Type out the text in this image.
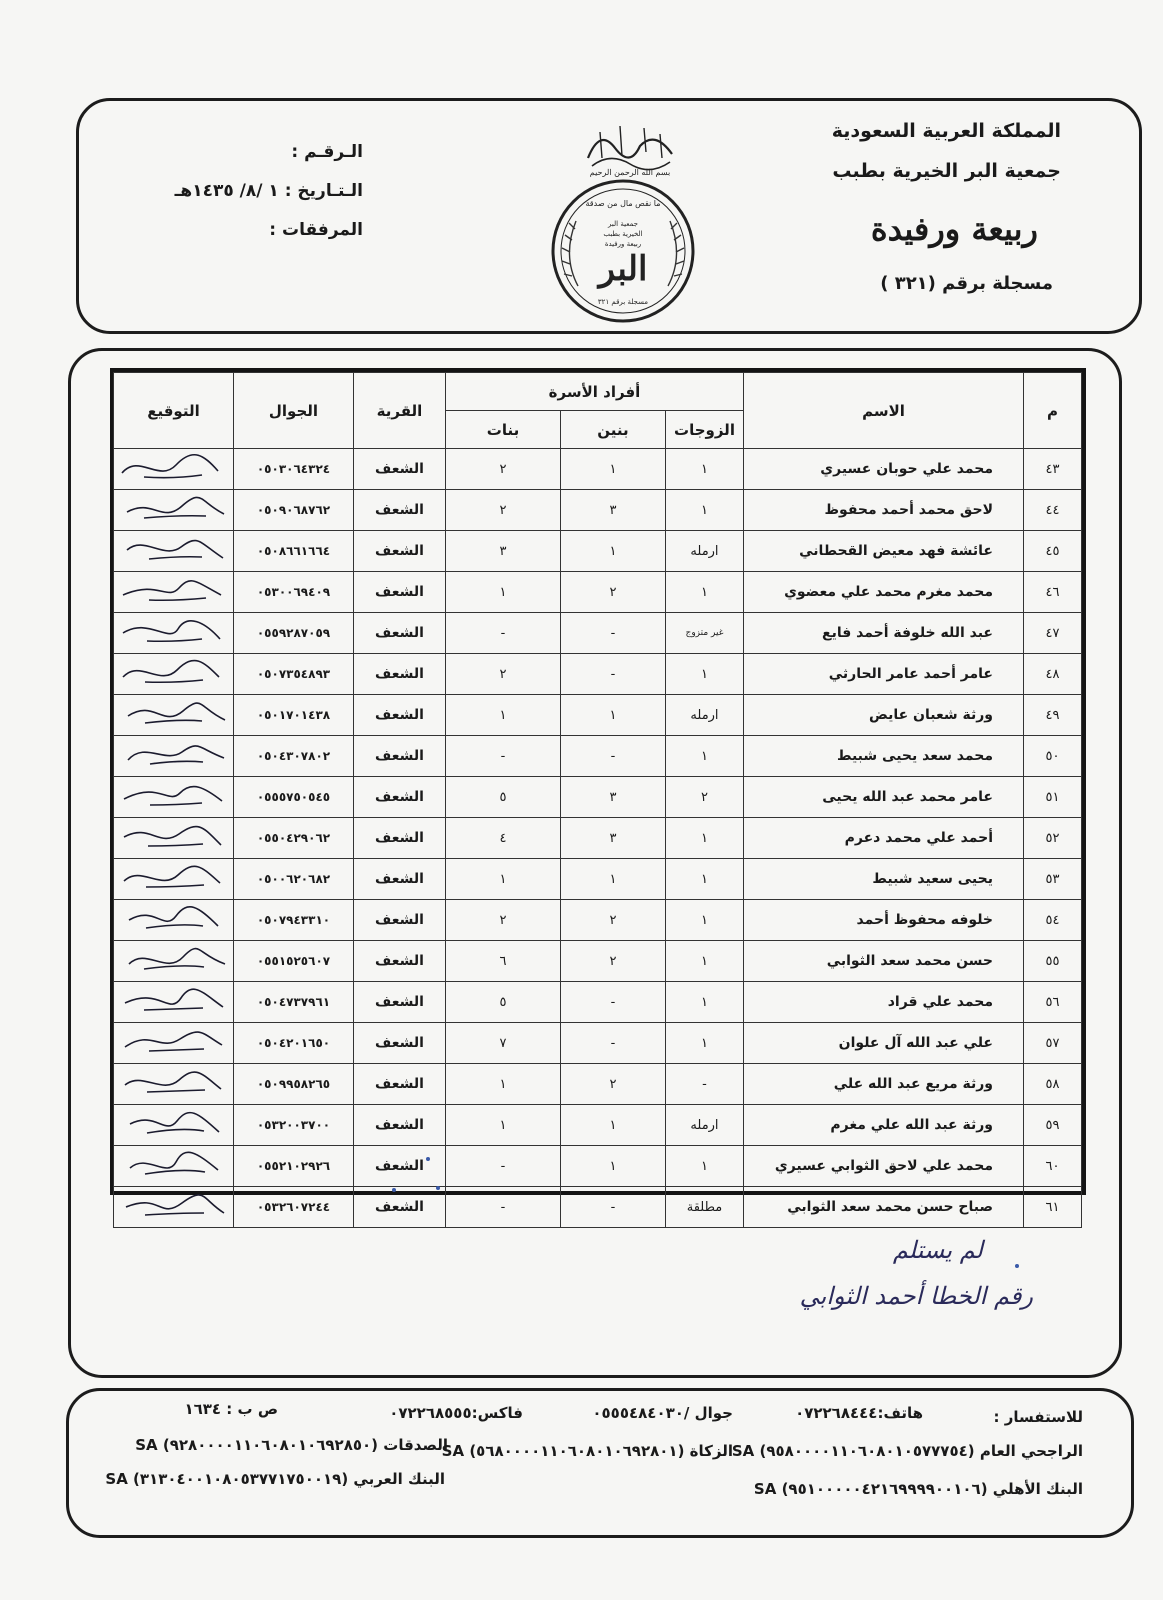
المملكة العربية السعودية
جمعية البر الخيرية بطبب
ربيعة ورفيدة
مسجلة برقم (٣٢١ )
الـرقـم :
الـتـاريخ : ١ /٨/ ١٤٣٥هـ
المرفقات :
بسم الله الرحمن الرحيم
ما نقص مال من صدقة
جمعية البر
الخيرية بطبب
ربيعة ورفيدة
البر
مسجلة برقم ٣٢١
م	الاسم	أفراد الأسرة			القرية	الجوال	التوقيع
		الزوجات	بنين	بنات			
٤٣	محمد علي حوبان عسيري	١	١	٢	الشعف	٠٥٠٣٠٦٤٣٢٤	
٤٤	لاحق محمد أحمد محفوظ	١	٣	٢	الشعف	٠٥٠٩٠٦٨٧٦٢	
٤٥	عائشة فهد معيض القحطاني	ارمله	١	٣	الشعف	٠٥٠٨٦٦١٦٦٤	
٤٦	محمد مغرم محمد علي معضوي	١	٢	١	الشعف	٠٥٣٠٠٦٩٤٠٩	
٤٧	عبد الله خلوفة أحمد فايع	غير متزوج	-	-	الشعف	٠٥٥٩٢٨٧٠٥٩	
٤٨	عامر أحمد عامر الحارثي	١	-	٢	الشعف	٠٥٠٧٣٥٤٨٩٣	
٤٩	ورثة شعبان عايض	ارمله	١	١	الشعف	٠٥٠١٧٠١٤٣٨	
٥٠	محمد سعد يحيى شبيط	١	-	-	الشعف	٠٥٠٤٣٠٧٨٠٢	
٥١	عامر محمد عبد الله يحيى	٢	٣	٥	الشعف	٠٥٥٥٧٥٠٥٤٥	
٥٢	أحمد علي محمد دعرم	١	٣	٤	الشعف	٠٥٥٠٤٢٩٠٦٢	
٥٣	يحيى سعيد شبيط	١	١	١	الشعف	٠٥٠٠٦٢٠٦٨٢	
٥٤	خلوفه محفوظ أحمد	١	٢	٢	الشعف	٠٥٠٧٩٤٣٣١٠	
٥٥	حسن محمد سعد الثوابي	١	٢	٦	الشعف	٠٥٥١٥٢٥٦٠٧	
٥٦	محمد علي قراد	١	-	٥	الشعف	٠٥٠٤٧٣٧٩٦١	
٥٧	علي عبد الله آل علوان	١	-	٧	الشعف	٠٥٠٤٢٠١٦٥٠	
٥٨	ورثة مريع عبد الله علي	-	٢	١	الشعف	٠٥٠٩٩٥٨٢٦٥	
٥٩	ورثة عبد الله علي مغرم	ارمله	١	١	الشعف	٠٥٣٢٠٠٣٧٠٠	
٦٠	محمد علي لاحق الثوابي عسيري	١	١	-	الشعف	٠٥٥٢١٠٢٩٢٦	
٦١	صباح حسن محمد سعد الثوابي	مطلقة	-	-	الشعف	٠٥٣٢٦٠٧٢٤٤	
لم يستلم
رقم الخطا أحمد الثوابي
للاستفسار :
هاتف:٠٧٢٢٦٨٤٤٤
جوال /٠٥٥٥٤٨٤٠٣٠
فاكس:٠٧٢٢٦٨٥٥٥
ص ب : ١٦٣٤
الراجحي العام (٩٥٨٠٠٠٠١١٠٦٠٨٠١٠٥٧٧٧٥٤) SA
الزكاة (٥٦٨٠٠٠٠١١٠٦٠٨٠١٠٦٩٢٨٠١) SA
الصدقات (٩٢٨٠٠٠٠١١٠٦٠٨٠١٠٦٩٢٨٥٠) SA
البنك الأهلي (٩٥١٠٠٠٠٠٤٢١٦٩٩٩٩٠٠١٠٦) SA
البنك العربي (٣١٣٠٤٠٠١٠٨٠٥٣٧٧١٧٥٠٠١٩) SA
